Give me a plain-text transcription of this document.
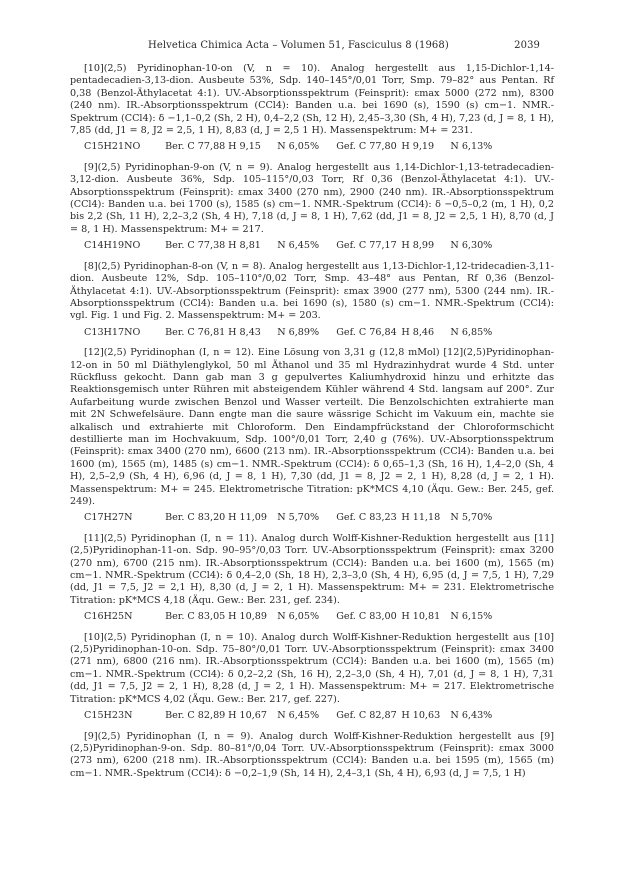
Helvetica Chimica Acta – Volumen 51, Fasciculus 8 (1968)	2039

[10](2,5) Pyridinophan-10-on (V, n = 10). Analog hergestellt aus 1,15-Dichlor-1,14-pentadecadien-3,13-dion. Ausbeute 53%, Sdp. 140–145°/0,01 Torr, Smp. 79–82° aus Pentan. Rf 0,38 (Benzol-Äthylacetat 4:1). UV.-Absorptionsspektrum (Feinsprit): εmax 5000 (272 nm), 8300 (240 nm). IR.-Absorptionsspektrum (CCl4): Banden u.a. bei 1690 (s), 1590 (s) cm−1. NMR.-Spektrum (CCl4): δ −1,1–0,2 (Sh, 2 H), 0,4–2,2 (Sh, 12 H), 2,45–3,30 (Sh, 4 H), 7,23 (d, J = 8, 1 H), 7,85 (dd, J1 = 8, J2 = 2,5, 1 H), 8,83 (d, J = 2,5 1 H). Massenspektrum: M+ = 231.

C15H21NO	Ber. C 77,88 H 9,15 N 6,05% Gef. C 77,80 H 9,19 N 6,13%

[9](2,5) Pyridinophan-9-on (V, n = 9). Analog hergestellt aus 1,14-Dichlor-1,13-tetradecadien-3,12-dion. Ausbeute 36%, Sdp. 105–115°/0,03 Torr, Rf 0,36 (Benzol-Äthylacetat 4:1). UV.-Absorptionsspektrum (Feinsprit): εmax 3400 (270 nm), 2900 (240 nm). IR.-Absorptionsspektrum (CCl4): Banden u.a. bei 1700 (s), 1585 (s) cm−1. NMR.-Spektrum (CCl4): δ −0,5–0,2 (m, 1 H), 0,2 bis 2,2 (Sh, 11 H), 2,2–3,2 (Sh, 4 H), 7,18 (d, J = 8, 1 H), 7,62 (dd, J1 = 8, J2 = 2,5, 1 H), 8,70 (d, J = 8, 1 H). Massenspektrum: M+ = 217.

C14H19NO	Ber. C 77,38 H 8,81 N 6,45% Gef. C 77,17 H 8,99 N 6,30%

[8](2,5) Pyridinophan-8-on (V, n = 8). Analog hergestellt aus 1,13-Dichlor-1,12-tridecadien-3,11-dion. Ausbeute 12%, Sdp. 105–110°/0,02 Torr, Smp. 43–48° aus Pentan, Rf 0,36 (Benzol-Äthylacetat 4:1). UV.-Absorptionsspektrum (Feinsprit): εmax 3900 (277 nm), 5300 (244 nm). IR.-Absorptionsspektrum (CCl4): Banden u.a. bei 1690 (s), 1580 (s) cm−1. NMR.-Spektrum (CCl4): vgl. Fig. 1 und Fig. 2. Massenspektrum: M+ = 203.

C13H17NO	Ber. C 76,81 H 8,43 N 6,89% Gef. C 76,84 H 8,46 N 6,85%

[12](2,5) Pyridinophan (I, n = 12). Eine Lösung von 3,31 g (12,8 mMol) [12](2,5)Pyridinophan-12-on in 50 ml Diäthylenglykol, 50 ml Äthanol und 35 ml Hydrazinhydrat wurde 4 Std. unter Rückfluss gekocht. Dann gab man 3 g gepulvertes Kaliumhydroxid hinzu und erhitzte das Reaktionsgemisch unter Rühren mit absteigendem Kühler während 4 Std. langsam auf 200°. Zur Aufarbeitung wurde zwischen Benzol und Wasser verteilt. Die Benzolschichten extrahierte man mit 2N Schwefelsäure. Dann engte man die saure wässrige Schicht im Vakuum ein, machte sie alkalisch und extrahierte mit Chloroform. Den Eindampfrückstand der Chloroformschicht destillierte man im Hochvakuum, Sdp. 100°/0,01 Torr, 2,40 g (76%). UV.-Absorptionsspektrum (Feinsprit): εmax 3400 (270 nm), 6600 (213 nm). IR.-Absorptionsspektrum (CCl4): Banden u.a. bei 1600 (m), 1565 (m), 1485 (s) cm−1. NMR.-Spektrum (CCl4): δ 0,65–1,3 (Sh, 16 H), 1,4–2,0 (Sh, 4 H), 2,5–2,9 (Sh, 4 H), 6,96 (d, J = 8, 1 H), 7,30 (dd, J1 = 8, J2 = 2, 1 H), 8,28 (d, J = 2, 1 H). Massenspektrum: M+ = 245. Elektrometrische Titration: pK*MCS 4,10 (Äqu. Gew.: Ber. 245, gef. 249).

C17H27N	Ber. C 83,20 H 11,09 N 5,70% Gef. C 83,23 H 11,18 N 5,70%

[11](2,5) Pyridinophan (I, n = 11). Analog durch Wolff-Kishner-Reduktion hergestellt aus [11](2,5)Pyridinophan-11-on. Sdp. 90–95°/0,03 Torr. UV.-Absorptionsspektrum (Feinsprit): εmax 3200 (270 nm), 6700 (215 nm). IR.-Absorptionsspektrum (CCl4): Banden u.a. bei 1600 (m), 1565 (m) cm−1. NMR.-Spektrum (CCl4): δ 0,4–2,0 (Sh, 18 H), 2,3–3,0 (Sh, 4 H), 6,95 (d, J = 7,5, 1 H), 7,29 (dd, J1 = 7,5, J2 = 2,1 H), 8,30 (d, J = 2, 1 H). Massenspektrum: M+ = 231. Elektrometrische Titration: pK*MCS 4,18 (Äqu. Gew.: Ber. 231, gef. 234).

C16H25N	Ber. C 83,05 H 10,89 N 6,05% Gef. C 83,00 H 10,81 N 6,15%

[10](2,5) Pyridinophan (I, n = 10). Analog durch Wolff-Kishner-Reduktion hergestellt aus [10](2,5)Pyridinophan-10-on. Sdp. 75–80°/0,01 Torr. UV.-Absorptionsspektrum (Feinsprit): εmax 3400 (271 nm), 6800 (216 nm). IR.-Absorptionsspektrum (CCl4): Banden u.a. bei 1600 (m), 1565 (m) cm−1. NMR.-Spektrum (CCl4): δ 0,2–2,2 (Sh, 16 H), 2,2–3,0 (Sh, 4 H), 7,01 (d, J = 8, 1 H), 7,31 (dd, J1 = 7,5, J2 = 2, 1 H), 8,28 (d, J = 2, 1 H). Massenspektrum: M+ = 217. Elektrometrische Titration: pK*MCS 4,02 (Äqu. Gew.: Ber. 217, gef. 227).

C15H23N	Ber. C 82,89 H 10,67 N 6,45% Gef. C 82,87 H 10,63 N 6,43%

[9](2,5) Pyridinophan (I, n = 9). Analog durch Wolff-Kishner-Reduktion hergestellt aus [9](2,5)Pyridinophan-9-on. Sdp. 80–81°/0,04 Torr. UV.-Absorptionsspektrum (Feinsprit): εmax 3000 (273 nm), 6200 (218 nm). IR.-Absorptionsspektrum (CCl4): Banden u.a. bei 1595 (m), 1565 (m) cm−1. NMR.-Spektrum (CCl4): δ −0,2–1,9 (Sh, 14 H), 2,4–3,1 (Sh, 4 H), 6,93 (d, J = 7,5, 1 H)
